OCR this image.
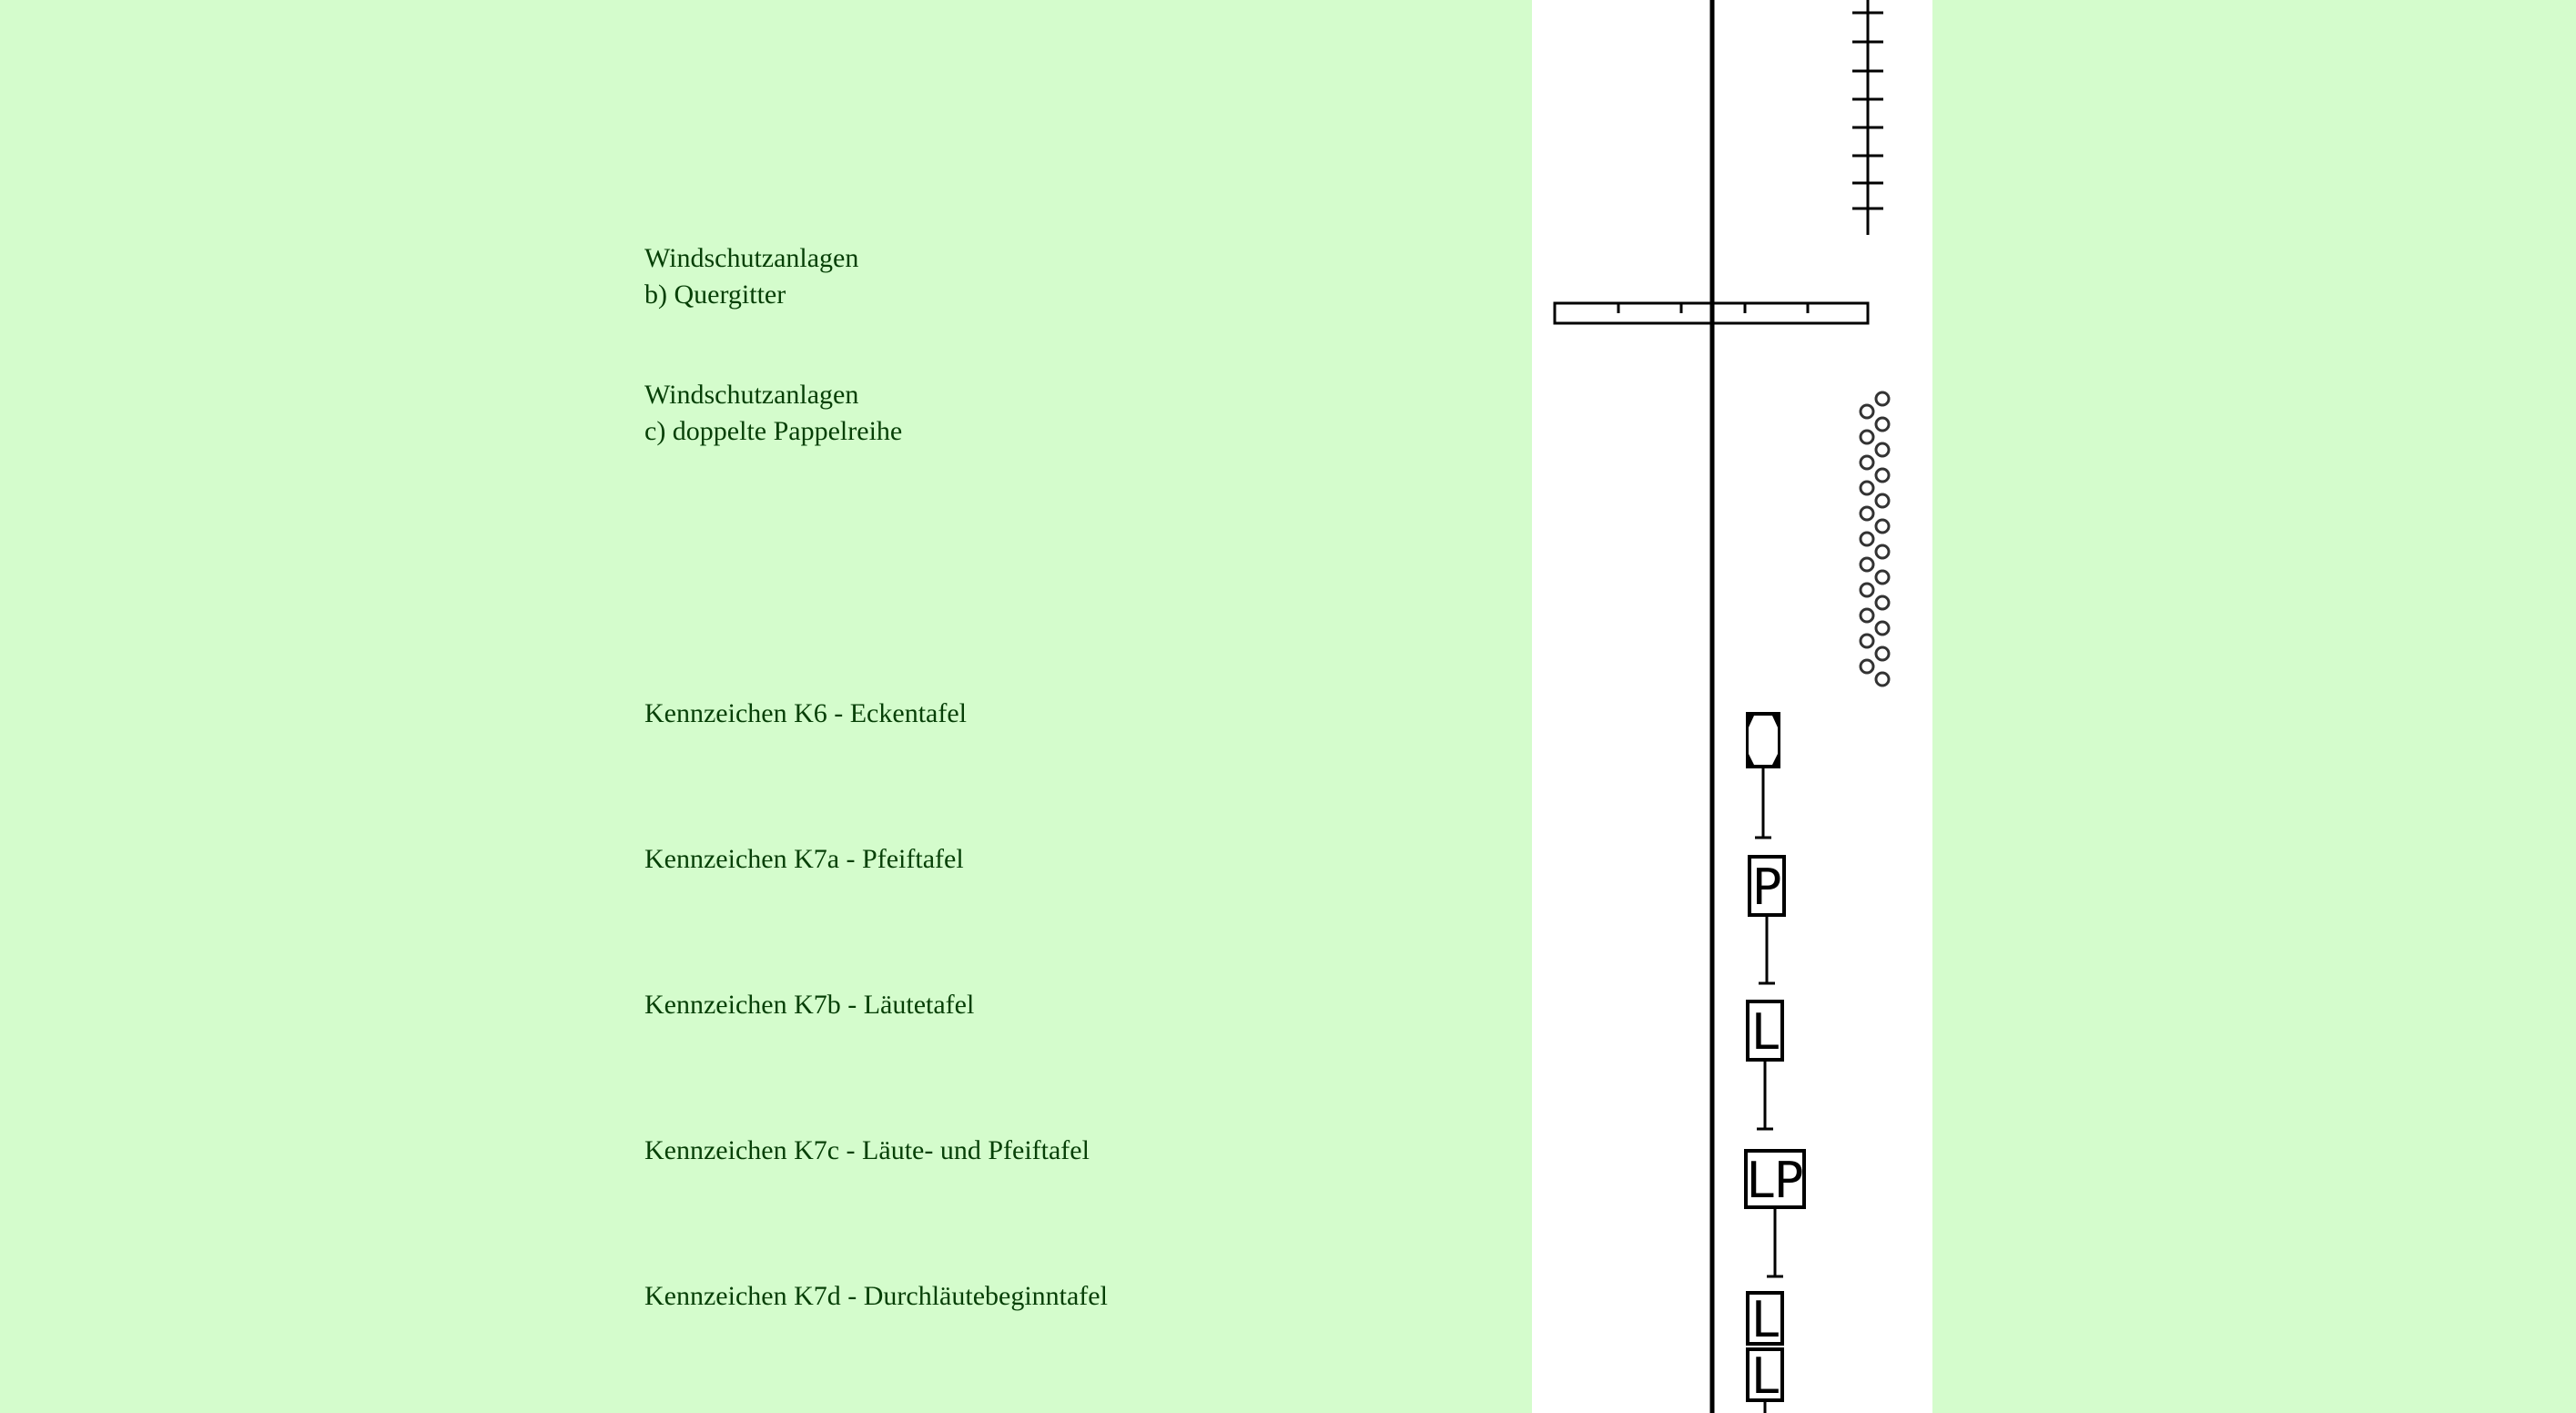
Windschutzanlagen
b) Quergitter
Windschutzanlagen
c) doppelte Pappelreihe
Kennzeichen K6 - Eckentafel
Kennzeichen K7a - Pfeiftafel
Kennzeichen K7b - Läutetafel
Kennzeichen K7c - Läute- und Pfeiftafel
Kennzeichen K7d - Durchläutebeginntafel
P
L
LP
L
L
